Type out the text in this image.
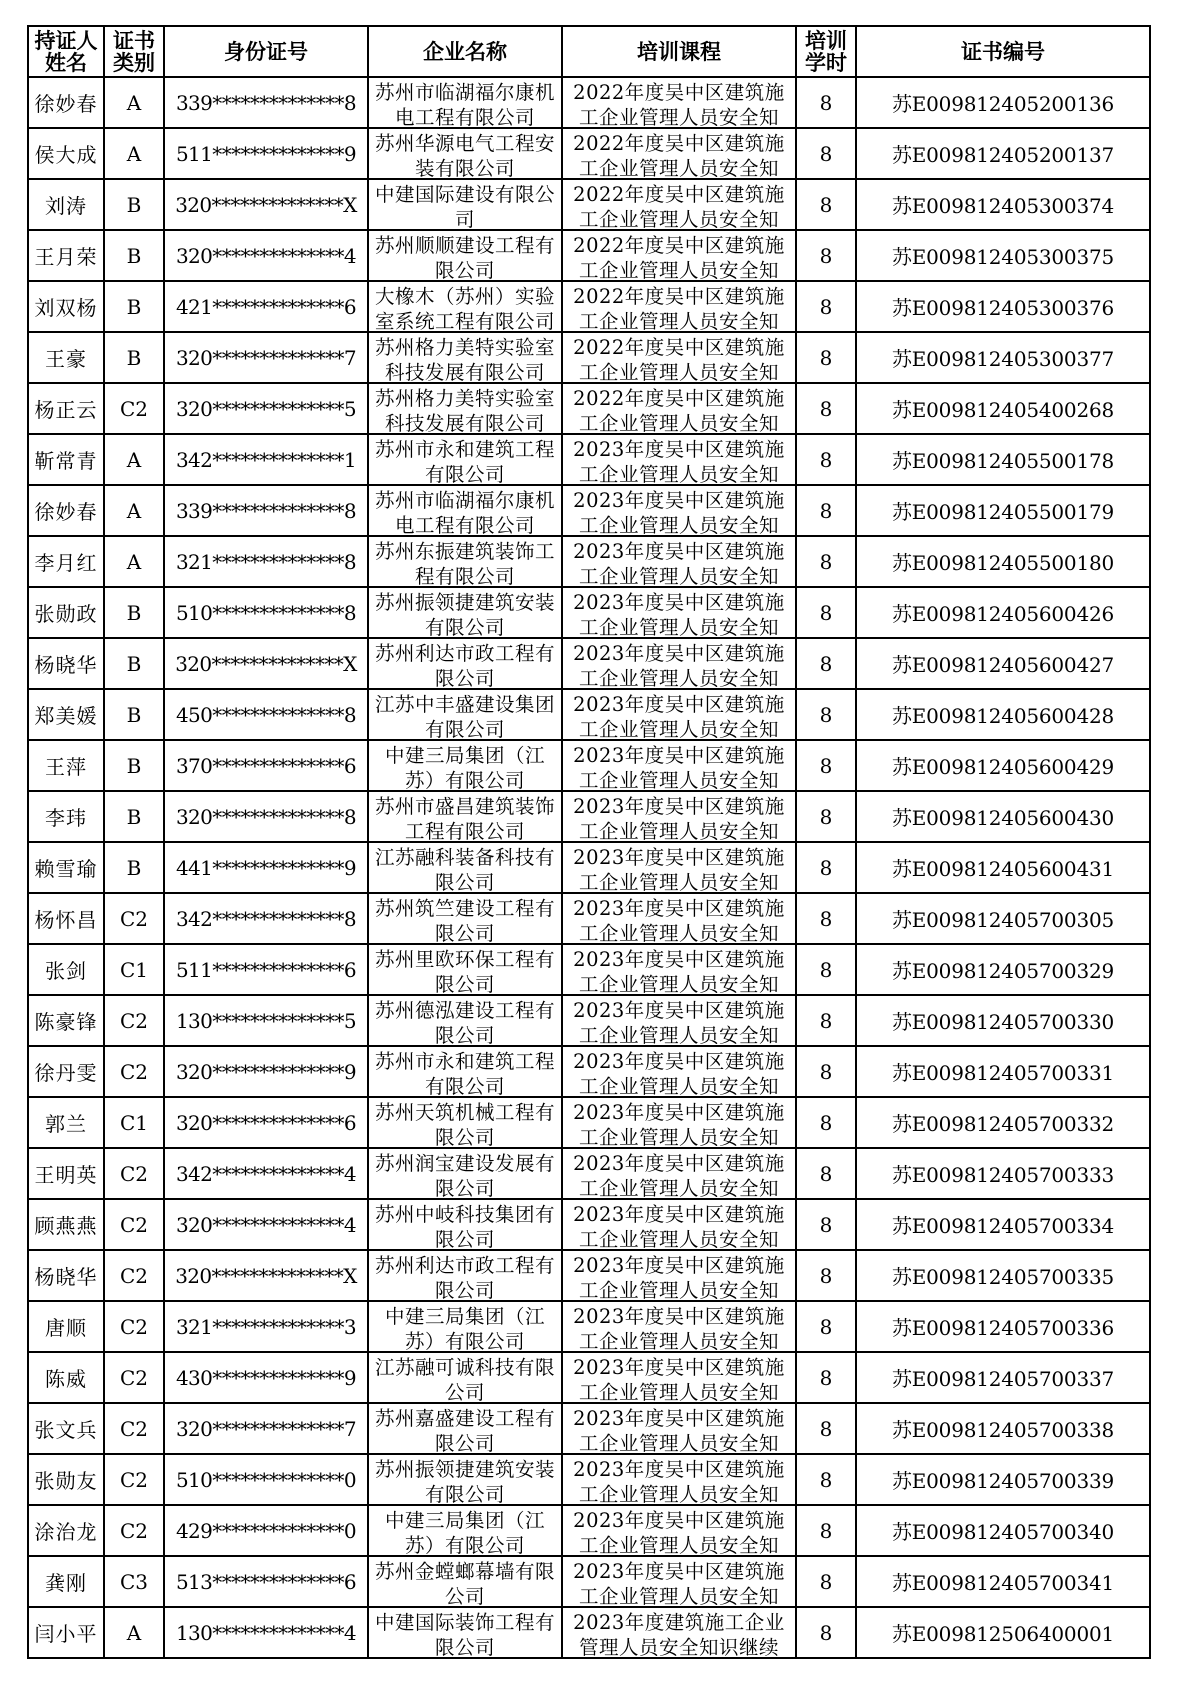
持证人姓名	证书类别	身份证号	企业名称	培训课程	培训学时	证书编号
徐妙春	A	339**************8	苏州市临湖福尔康机电工程有限公司	2022年度吴中区建筑施工企业管理人员安全知	8	苏E009812405200136
侯大成	A	511**************9	苏州华源电气工程安装有限公司	2022年度吴中区建筑施工企业管理人员安全知	8	苏E009812405200137
刘涛	B	320**************X	中建国际建设有限公司	2022年度吴中区建筑施工企业管理人员安全知	8	苏E009812405300374
王月荣	B	320**************4	苏州顺顺建设工程有限公司	2022年度吴中区建筑施工企业管理人员安全知	8	苏E009812405300375
刘双杨	B	421**************6	大橡木（苏州）实验室系统工程有限公司	2022年度吴中区建筑施工企业管理人员安全知	8	苏E009812405300376
王豪	B	320**************7	苏州格力美特实验室科技发展有限公司	2022年度吴中区建筑施工企业管理人员安全知	8	苏E009812405300377
杨正云	C2	320**************5	苏州格力美特实验室科技发展有限公司	2022年度吴中区建筑施工企业管理人员安全知	8	苏E009812405400268
靳常青	A	342**************1	苏州市永和建筑工程有限公司	2023年度吴中区建筑施工企业管理人员安全知	8	苏E009812405500178
徐妙春	A	339**************8	苏州市临湖福尔康机电工程有限公司	2023年度吴中区建筑施工企业管理人员安全知	8	苏E009812405500179
李月红	A	321**************8	苏州东振建筑装饰工程有限公司	2023年度吴中区建筑施工企业管理人员安全知	8	苏E009812405500180
张勋政	B	510**************8	苏州振领捷建筑安装有限公司	2023年度吴中区建筑施工企业管理人员安全知	8	苏E009812405600426
杨晓华	B	320**************X	苏州利达市政工程有限公司	2023年度吴中区建筑施工企业管理人员安全知	8	苏E009812405600427
郑美媛	B	450**************8	江苏中丰盛建设集团有限公司	2023年度吴中区建筑施工企业管理人员安全知	8	苏E009812405600428
王萍	B	370**************6	中建三局集团（江苏）有限公司	2023年度吴中区建筑施工企业管理人员安全知	8	苏E009812405600429
李玮	B	320**************8	苏州市盛昌建筑装饰工程有限公司	2023年度吴中区建筑施工企业管理人员安全知	8	苏E009812405600430
赖雪瑜	B	441**************9	江苏融科装备科技有限公司	2023年度吴中区建筑施工企业管理人员安全知	8	苏E009812405600431
杨怀昌	C2	342**************8	苏州筑竺建设工程有限公司	2023年度吴中区建筑施工企业管理人员安全知	8	苏E009812405700305
张剑	C1	511**************6	苏州里欧环保工程有限公司	2023年度吴中区建筑施工企业管理人员安全知	8	苏E009812405700329
陈豪锋	C2	130**************5	苏州德泓建设工程有限公司	2023年度吴中区建筑施工企业管理人员安全知	8	苏E009812405700330
徐丹雯	C2	320**************9	苏州市永和建筑工程有限公司	2023年度吴中区建筑施工企业管理人员安全知	8	苏E009812405700331
郭兰	C1	320**************6	苏州天筑机械工程有限公司	2023年度吴中区建筑施工企业管理人员安全知	8	苏E009812405700332
王明英	C2	342**************4	苏州润宝建设发展有限公司	2023年度吴中区建筑施工企业管理人员安全知	8	苏E009812405700333
顾燕燕	C2	320**************4	苏州中岐科技集团有限公司	2023年度吴中区建筑施工企业管理人员安全知	8	苏E009812405700334
杨晓华	C2	320**************X	苏州利达市政工程有限公司	2023年度吴中区建筑施工企业管理人员安全知	8	苏E009812405700335
唐顺	C2	321**************3	中建三局集团（江苏）有限公司	2023年度吴中区建筑施工企业管理人员安全知	8	苏E009812405700336
陈威	C2	430**************9	江苏融可诚科技有限公司	2023年度吴中区建筑施工企业管理人员安全知	8	苏E009812405700337
张文兵	C2	320**************7	苏州嘉盛建设工程有限公司	2023年度吴中区建筑施工企业管理人员安全知	8	苏E009812405700338
张勋友	C2	510**************0	苏州振领捷建筑安装有限公司	2023年度吴中区建筑施工企业管理人员安全知	8	苏E009812405700339
涂治龙	C2	429**************0	中建三局集团（江苏）有限公司	2023年度吴中区建筑施工企业管理人员安全知	8	苏E009812405700340
龚刚	C3	513**************6	苏州金螳螂幕墙有限公司	2023年度吴中区建筑施工企业管理人员安全知	8	苏E009812405700341
闫小平	A	130**************4	中建国际装饰工程有限公司	2023年度建筑施工企业管理人员安全知识继续	8	苏E009812506400001
